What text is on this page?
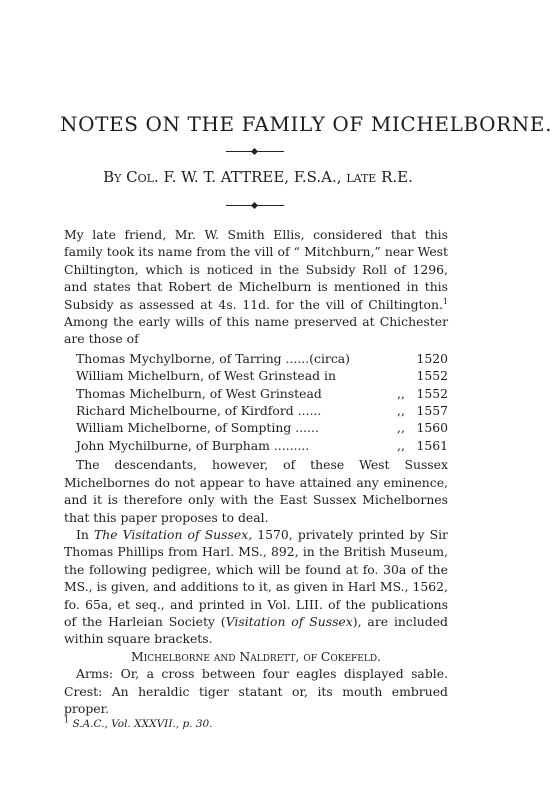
NOTES ON THE FAMILY OF MICHELBORNE.
By Col. F. W. T. ATTREE, F.S.A., late R.E.

My late friend, Mr. W. Smith Ellis, considered that this family took its name from the vill of “ Mitchburn,” near West Chiltington, which is noticed in the Subsidy Roll of 1296, and states that Robert de Michelburn is mentioned in this Subsidy as assessed at 4s. 11d. for the vill of Chiltington.$^1$ Among the early wills of this name preserved at Chichester are those of

Thomas Mychylborne, of Tarring ......(circa)	1520
William Michelburn, of West Grinstead in	1552
Thomas Michelburn, of West Grinstead	,, 1552
Richard Michelbourne, of Kirdford ......	,, 1557
William Michelborne, of Sompting ......	,, 1560
John Mychilburne, of Burpham .........	,, 1561

The descendants, however, of these West Sussex Michelbornes do not appear to have attained any eminence, and it is therefore only with the East Sussex Michelbornes that this paper proposes to deal.

In The Visitation of Sussex, 1570, privately printed by Sir Thomas Phillips from Harl. MS., 892, in the British Museum, the following pedigree, which will be found at fo. 30a of the MS., is given, and additions to it, as given in Harl MS., 1562, fo. 65a, et seq., and printed in Vol. LIII. of the publications of the Harleian Society (Visitation of Sussex), are included within square brackets.

Michelborne and Naldrett, of Cokefeld.

Arms: Or, a cross between four eagles displayed sable. Crest: An heraldic tiger statant or, its mouth embrued proper.

$^1$ S.A.C., Vol. XXXVII., p. 30.
